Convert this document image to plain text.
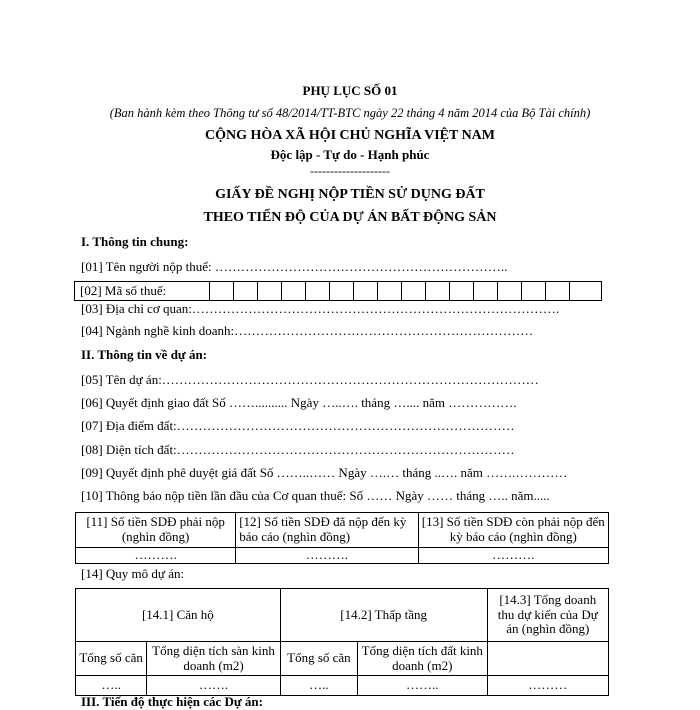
PHỤ LỤC SỐ 01
(Ban hành kèm theo Thông tư số 48/2014/TT-BTC ngày 22 tháng 4 năm 2014 của Bộ Tài chính)
CỘNG HÒA XÃ HỘI CHỦ NGHĨA VIỆT NAM
Độc lập - Tự do - Hạnh phúc
--------------------
GIẤY ĐỀ NGHỊ NỘP TIỀN SỬ DỤNG ĐẤT
THEO TIẾN ĐỘ CỦA DỰ ÁN BẤT ĐỘNG SẢN
I. Thông tin chung:
[01] Tên người nộp thuế: …………………………………………………………..
[02] Mã số thuế:
[03] Địa chỉ cơ quan:………………………………………………………………………….
[04] Ngành nghề kinh doanh:……………………………………………………………
II. Thông tin về dự án:
[05] Tên dự án:……………………………………………………………………………
[06] Quyết định giao đất Số …….......... Ngày …..…. tháng ….... năm …………….
[07] Địa điểm đất:……………………………………………………………………
[08] Diện tích đất:……………………………………………………………………
[09] Quyết định phê duyệt giá đất Số ……..…… Ngày ….… tháng ..…. năm …….…………
[10] Thông báo nộp tiền lần đầu của Cơ quan thuế: Số …… Ngày …… tháng ….. năm.....
[11] Số tiền SDĐ phải nộp (nghìn đồng)	[12] Số tiền SDĐ đã nộp đến kỳ báo cáo (nghìn đồng)	[13] Số tiền SDĐ còn phải nộp đến kỳ báo cáo (nghìn đồng)
……….	……….	……….
[14] Quy mô dự án:
[14.1] Căn hộ		[14.2] Thấp tầng		[14.3] Tổng doanh thu dự kiến của Dự án (nghìn đồng)
Tổng số căn	Tổng diện tích sàn kinh doanh (m2)	Tổng số căn	Tổng diện tích đất kinh doanh (m2)	
…..	…….	…..	……..	………
III. Tiến độ thực hiện các Dự án:
